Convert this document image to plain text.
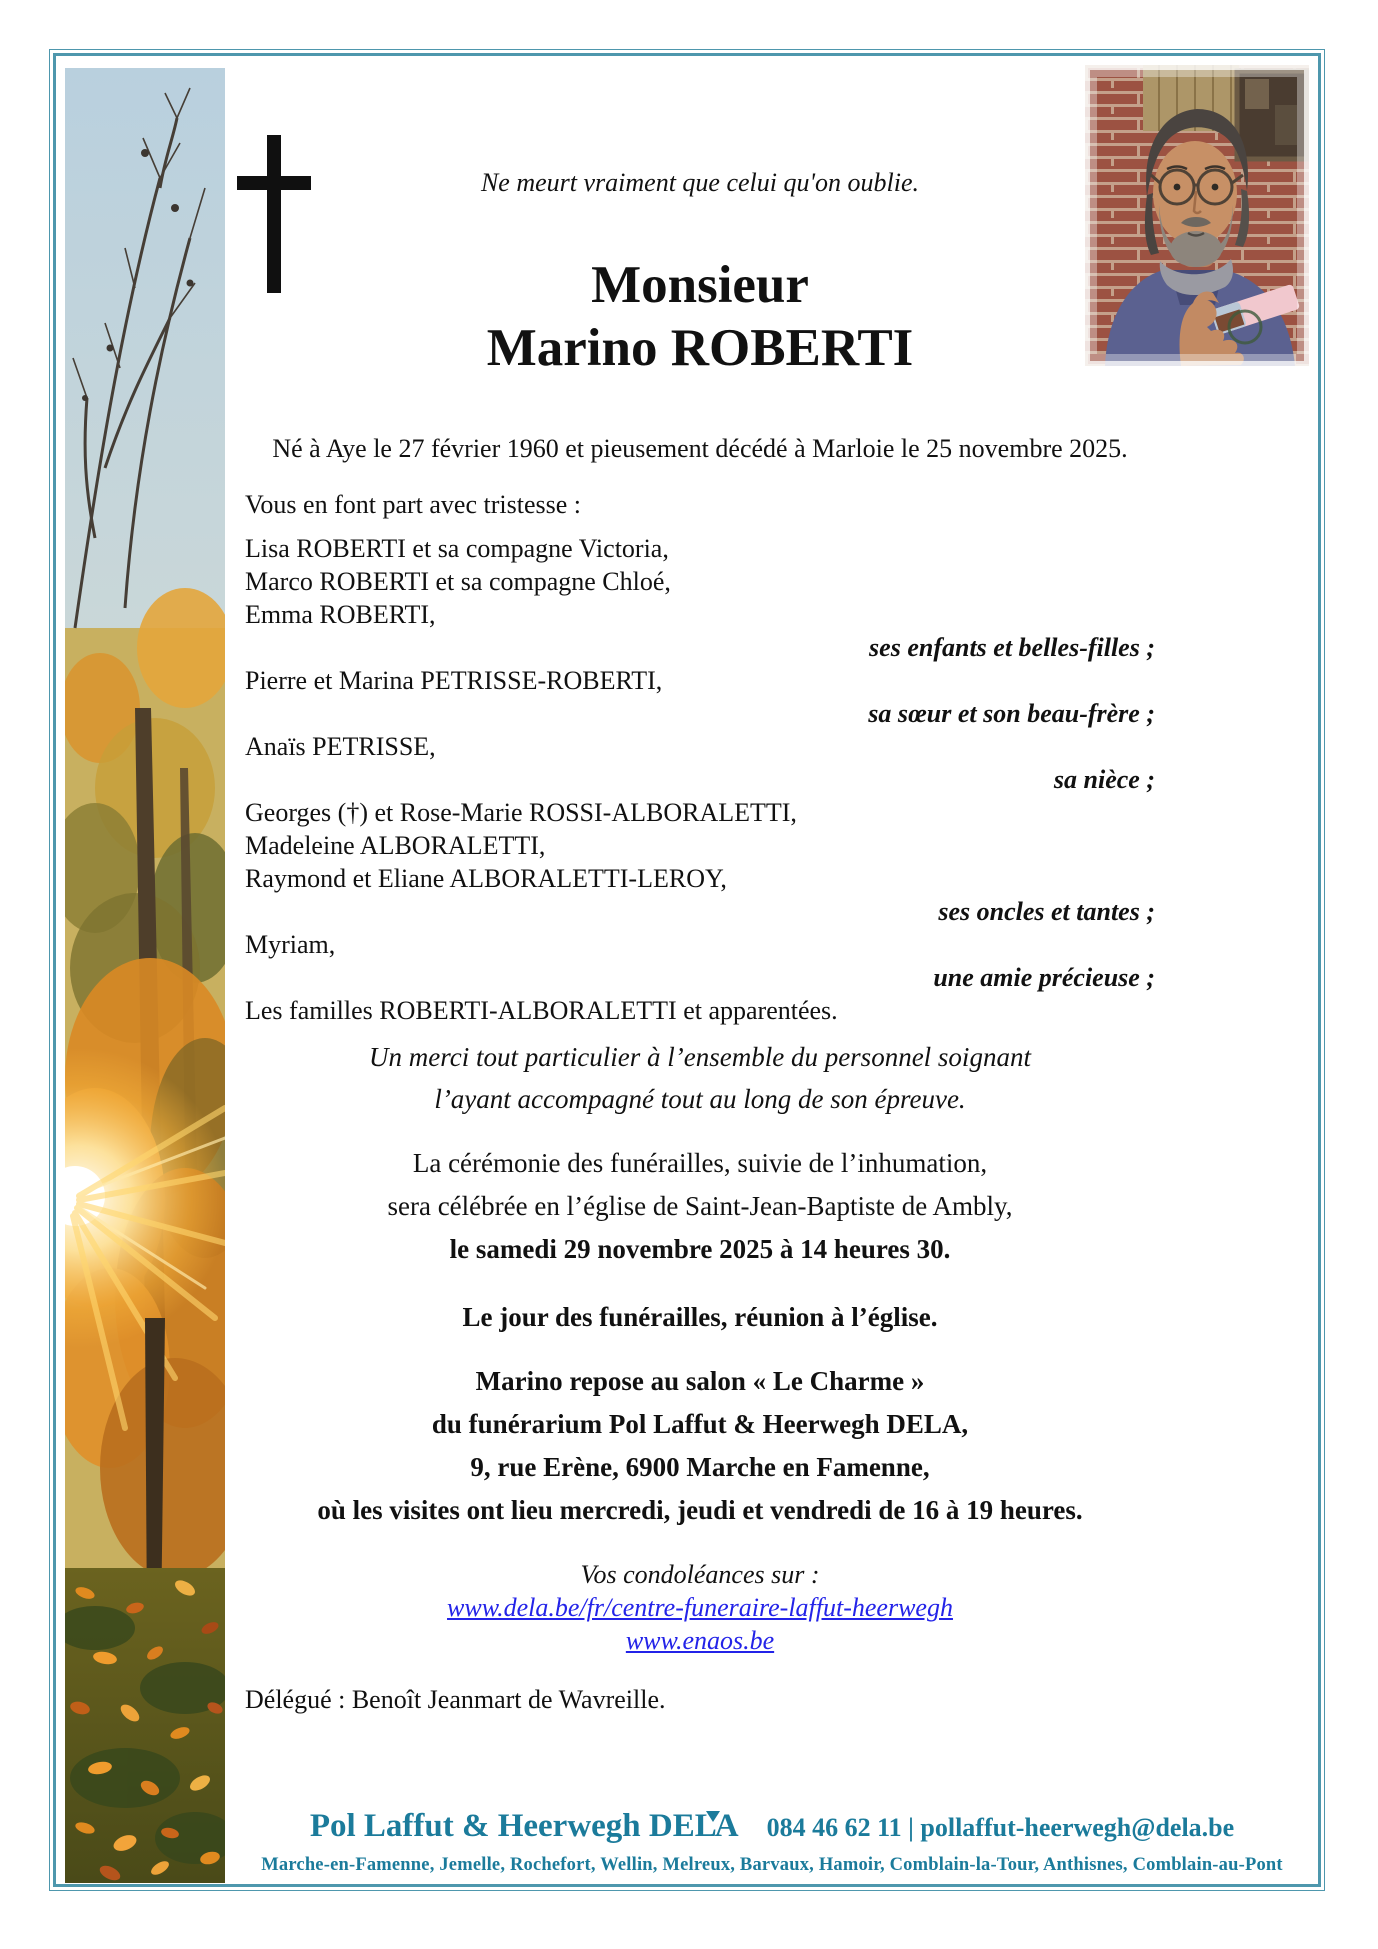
Ne meurt vraiment que celui qu'on oublie.
Monsieur
Marino ROBERTI
Né à Aye le 27 février 1960 et pieusement décédé à Marloie le 25 novembre 2025.
Vous en font part avec tristesse :

Lisa ROBERTI et sa compagne Victoria,

Marco ROBERTI et sa compagne Chloé,

Emma ROBERTI,

ses enfants et belles-filles ;

Pierre et Marina PETRISSE-ROBERTI,

sa sœur et son beau-frère ;

Anaïs PETRISSE,

sa nièce ;

Georges (†) et Rose-Marie ROSSI-ALBORALETTI,

Madeleine ALBORALETTI,

Raymond et Eliane ALBORALETTI-LEROY,

ses oncles et tantes ;

Myriam,

une amie précieuse ;

Les familles ROBERTI-ALBORALETTI et apparentées.

Un merci tout particulier à l’ensemble du personnel soignant

l’ayant accompagné tout au long de son épreuve.

La cérémonie des funérailles, suivie de l’inhumation,

sera célébrée en l’église de Saint-Jean-Baptiste de Ambly,

le samedi 29 novembre 2025 à 14 heures 30.

Le jour des funérailles, réunion à l’église.

Marino repose au salon « Le Charme »

du funérarium Pol Laffut & Heerwegh DELA,

9, rue Erène, 6900 Marche en Famenne,

où les visites ont lieu mercredi, jeudi et vendredi de 16 à 19 heures.

Vos condoléances sur :

www.dela.be/fr/centre-funeraire-laffut-heerwegh

www.enaos.be

Délégué : Benoît Jeanmart de Wavreille.
Pol Laffut & Heerwegh DELA 084 46 62 11 | pollaffut-heerwegh@dela.be
Marche-en-Famenne, Jemelle, Rochefort, Wellin, Melreux, Barvaux, Hamoir, Comblain-la-Tour, Anthisnes, Comblain-au-Pont
